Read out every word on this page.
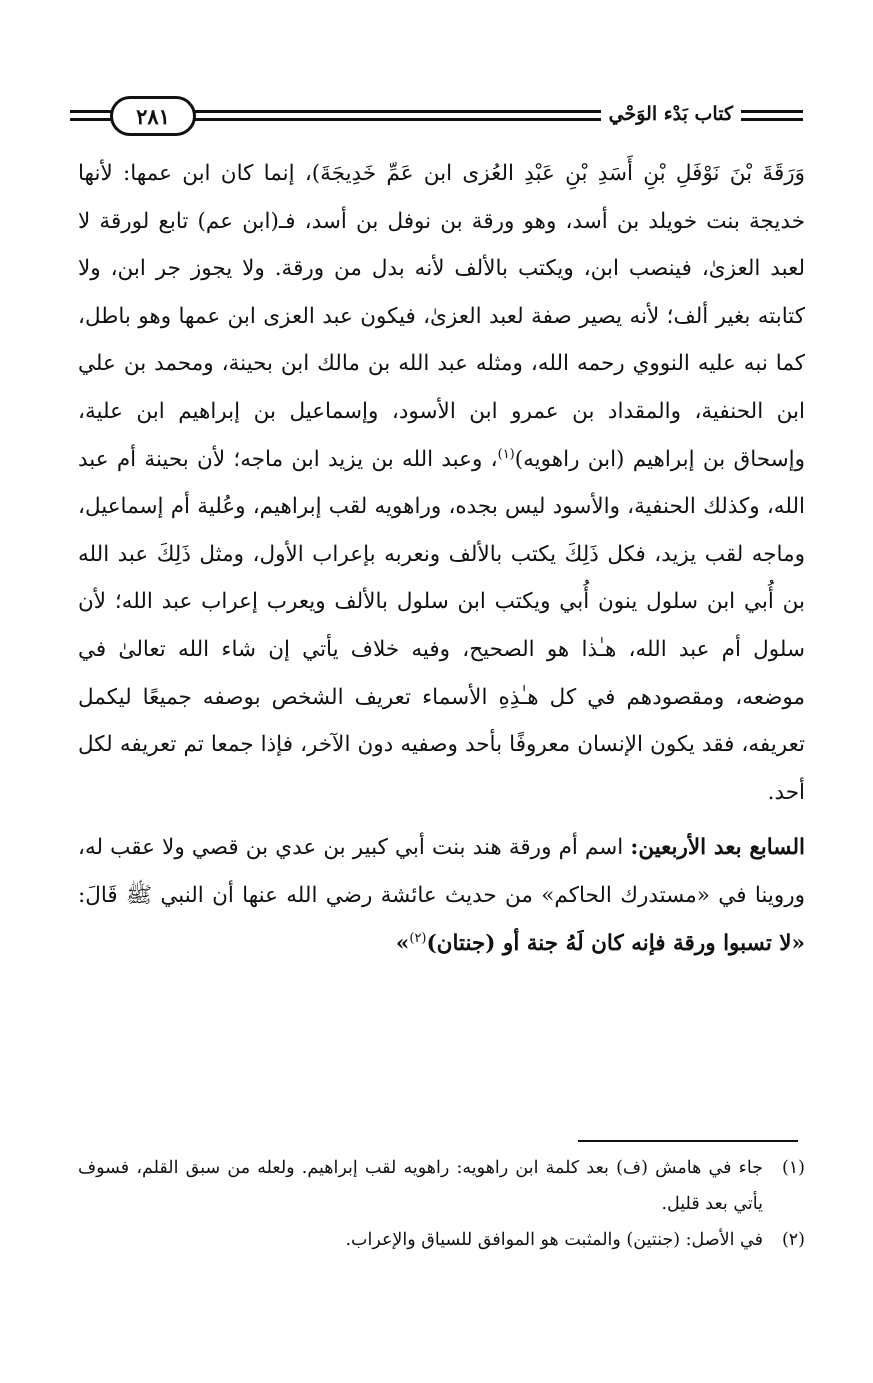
كتاب بَدْء الوَحْي
٢٨١

وَرَقَةَ بْنَ نَوْفَلِ بْنِ أَسَدِ بْنِ عَبْدِ العُزى ابن عَمِّ خَدِيجَةَ)، إنما كان ابن عمها: لأنها خديجة بنت خويلد بن أسد، وهو ورقة بن نوفل بن أسد، فـ(ابن عم) تابع لورقة لا لعبد العزىٰ، فينصب ابن، ويكتب بالألف لأنه بدل من ورقة. ولا يجوز جر ابن، ولا كتابته بغير ألف؛ لأنه يصير صفة لعبد العزىٰ، فيكون عبد العزى ابن عمها وهو باطل، كما نبه عليه النووي رحمه الله، ومثله عبد الله بن مالك ابن بحينة، ومحمد بن علي ابن الحنفية، والمقداد بن عمرو ابن الأسود، وإسماعيل بن إبراهيم ابن علية، وإسحاق بن إبراهيم (ابن راهويه)$^{(١)}$، وعبد الله بن يزيد ابن ماجه؛ لأن بحينة أم عبد الله، وكذلك الحنفية، والأسود ليس بجده، وراهويه لقب إبراهيم، وعُلية أم إسماعيل، وماجه لقب يزيد، فكل ذَلِكَ يكتب بالألف ونعربه بإعراب الأول، ومثل ذَلِكَ عبد الله بن أُبي ابن سلول ينون أُبي ويكتب ابن سلول بالألف ويعرب إعراب عبد الله؛ لأن سلول أم عبد الله، هـٰذا هو الصحيح، وفيه خلاف يأتي إن شاء الله تعالىٰ في موضعه، ومقصودهم في كل هـٰذِهِ الأسماء تعريف الشخص بوصفه جميعًا ليكمل تعريفه، فقد يكون الإنسان معروفًا بأحد وصفيه دون الآخر، فإذا جمعا تم تعريفه لكل أحد.

السابع بعد الأربعين: اسم أم ورقة هند بنت أبي كبير بن عدي بن قصي ولا عقب له، وروينا في «مستدرك الحاكم» من حديث عائشة رضي الله عنها أن النبي ﷺ قَالَ: «لا تسبوا ورقة فإنه كان لَهُ جنة أو (جنتان)$^{(٢)}$»

(١)
جاء في هامش (ف) بعد كلمة ابن راهويه: راهويه لقب إبراهيم. ولعله من سبق القلم، فسوف يأتي بعد قليل.
(٢)
في الأصل: (جنتين) والمثبت هو الموافق للسياق والإعراب.
